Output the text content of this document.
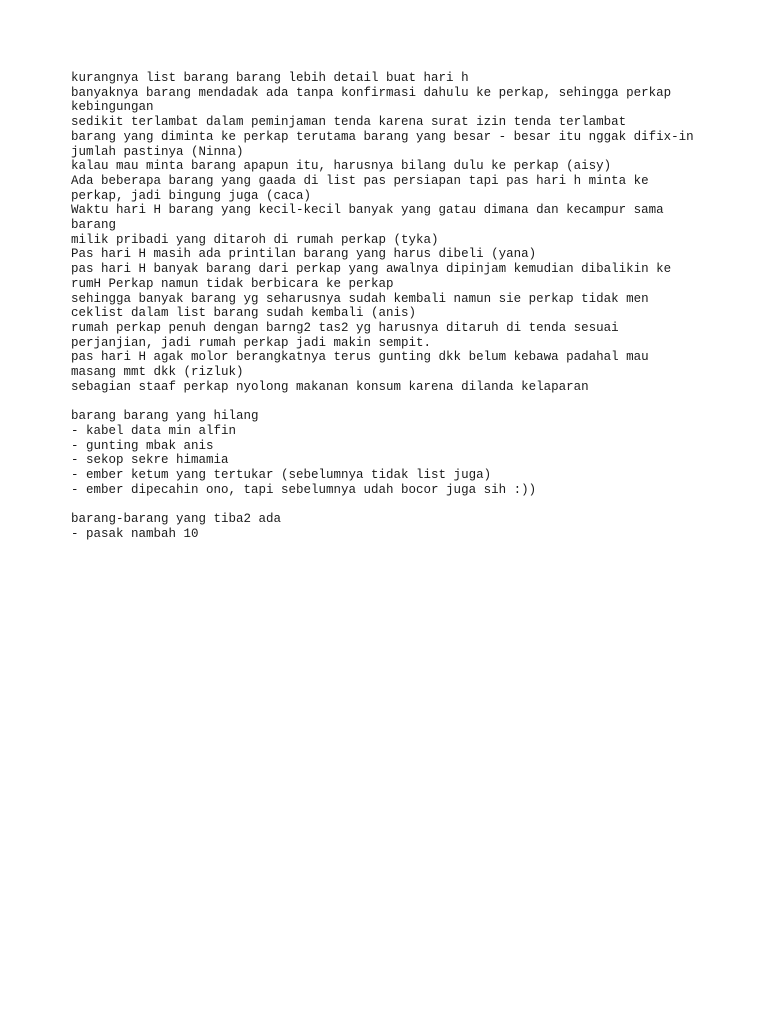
kurangnya list barang barang lebih detail buat hari h
banyaknya barang mendadak ada tanpa konfirmasi dahulu ke perkap, sehingga perkap
kebingungan
sedikit terlambat dalam peminjaman tenda karena surat izin tenda terlambat
barang yang diminta ke perkap terutama barang yang besar - besar itu nggak difix-in
jumlah pastinya (Ninna)
kalau mau minta barang apapun itu, harusnya bilang dulu ke perkap (aisy)
Ada beberapa barang yang gaada di list pas persiapan tapi pas hari h minta ke
perkap, jadi bingung juga (caca)
Waktu hari H barang yang kecil-kecil banyak yang gatau dimana dan kecampur sama
barang
milik pribadi yang ditaroh di rumah perkap (tyka)
Pas hari H masih ada printilan barang yang harus dibeli (yana)
pas hari H banyak barang dari perkap yang awalnya dipinjam kemudian dibalikin ke
rumH Perkap namun tidak berbicara ke perkap
sehingga banyak barang yg seharusnya sudah kembali namun sie perkap tidak men
ceklist dalam list barang sudah kembali (anis)
rumah perkap penuh dengan barng2 tas2 yg harusnya ditaruh di tenda sesuai
perjanjian, jadi rumah perkap jadi makin sempit.
pas hari H agak molor berangkatnya terus gunting dkk belum kebawa padahal mau
masang mmt dkk (rizluk)
sebagian staaf perkap nyolong makanan konsum karena dilanda kelaparan
barang barang yang hilang
- kabel data min alfin
- gunting mbak anis
- sekop sekre himamia
- ember ketum yang tertukar (sebelumnya tidak list juga)
- ember dipecahin ono, tapi sebelumnya udah bocor juga sih :))
barang-barang yang tiba2 ada
- pasak nambah 10
